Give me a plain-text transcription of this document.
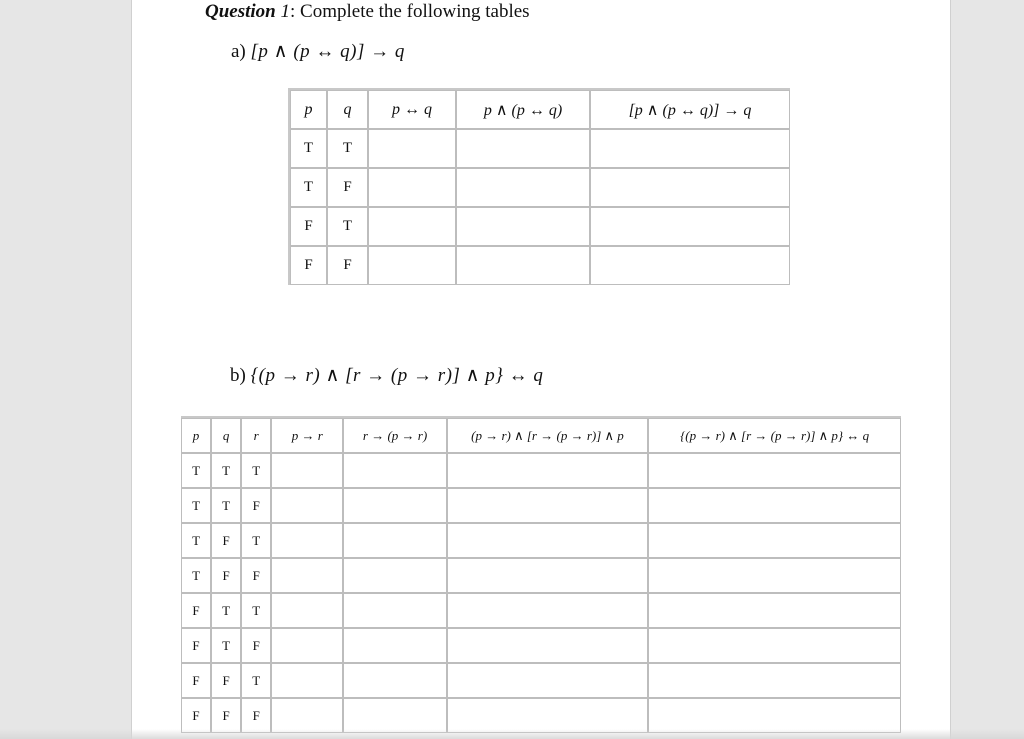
Question 1: Complete the following tables
a) [p ∧ (p ↔ q)] → q
p	q	p ↔ q	p ∧ (p ↔ q)	[p ∧ (p ↔ q)] → q
T	T			
T	F			
F	T			
F	F			
b) {(p → r) ∧ [r → (p → r)] ∧ p} ↔ q
p	q	r	p → r	r → (p → r)	(p → r) ∧ [r → (p → r)] ∧ p	{(p → r) ∧ [r → (p → r)] ∧ p} ↔ q
T	T	T				
T	T	F				
T	F	T				
T	F	F				
F	T	T				
F	T	F				
F	F	T				
F	F	F				
